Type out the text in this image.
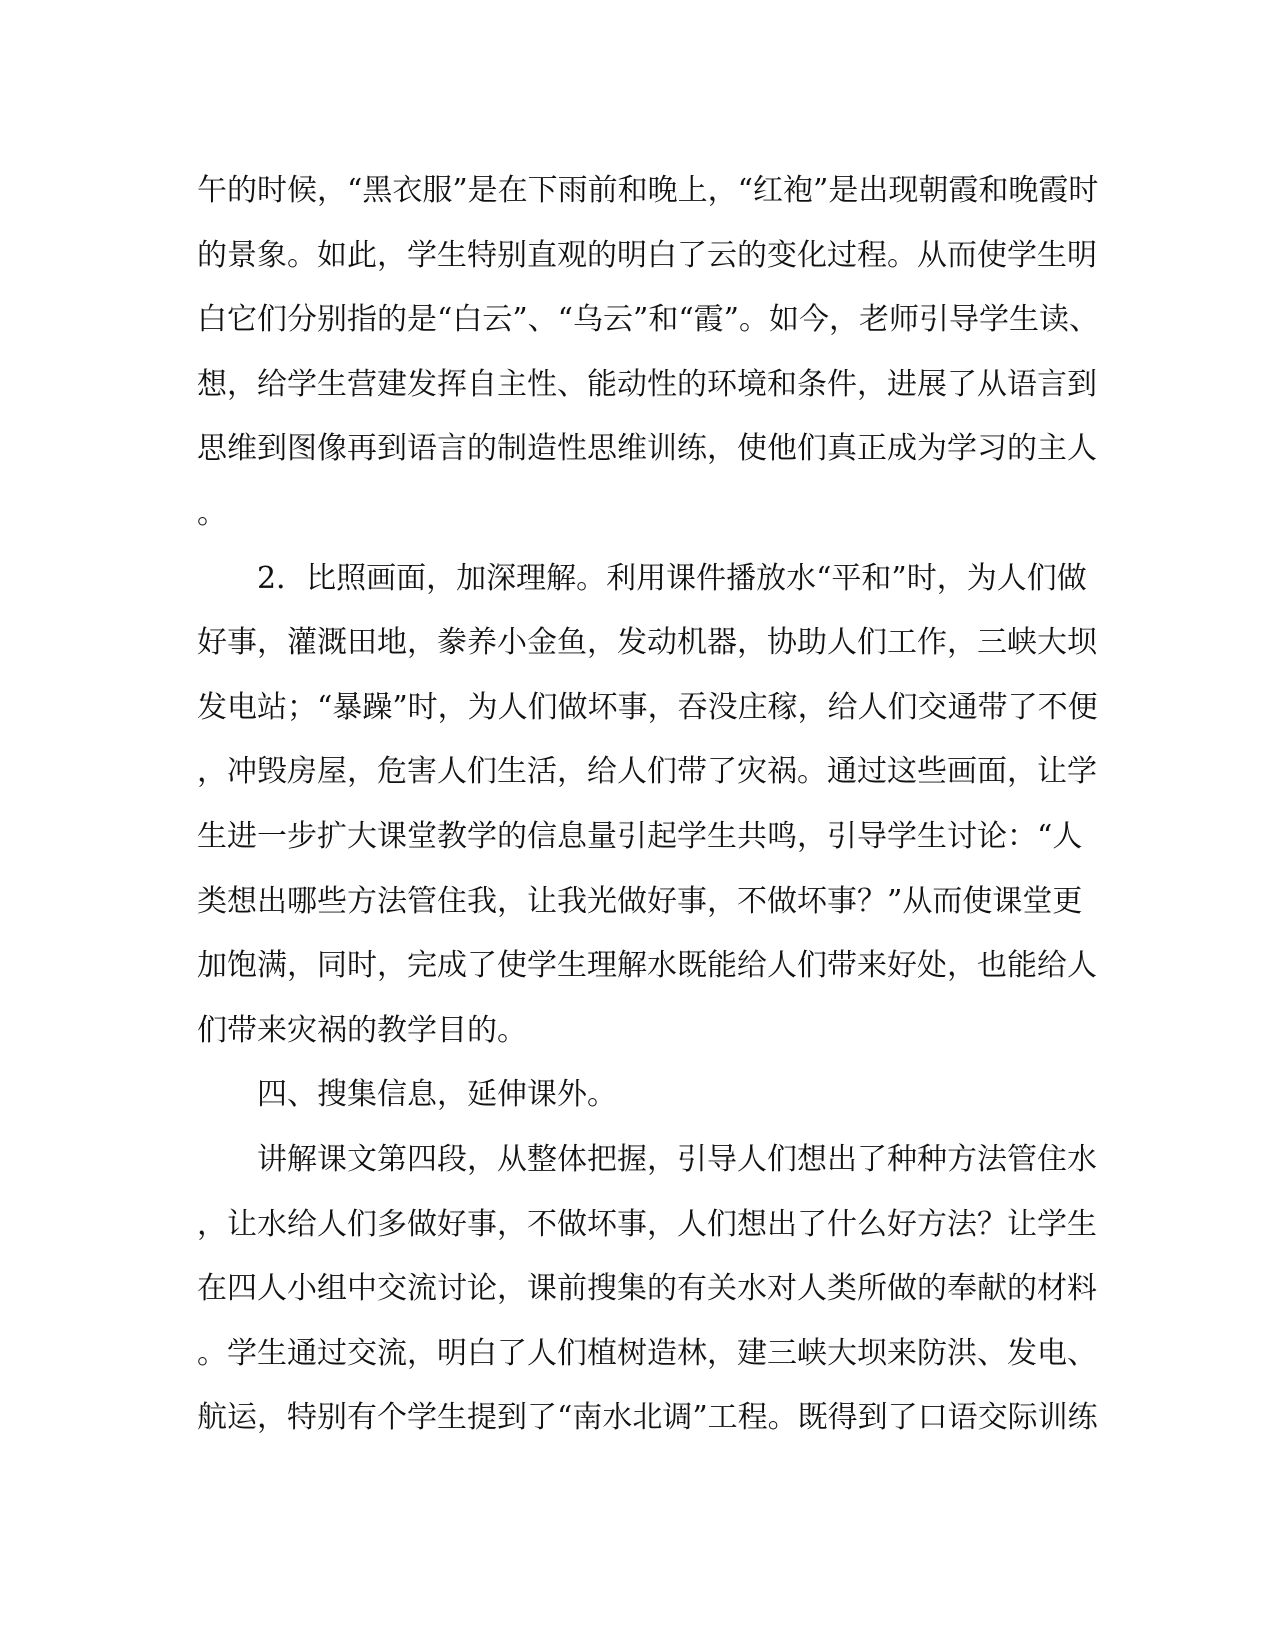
午的时候，“黑衣服”是在下雨前和晚上，“红袍”是出现朝霞和晚霞时
的景象。如此，学生特别直观的明白了云的变化过程。从而使学生明
白它们分别指的是“白云”、“乌云”和“霞”。如今，老师引导学生读、
想，给学生营建发挥自主性、能动性的环境和条件，进展了从语言到
思维到图像再到语言的制造性思维训练，使他们真正成为学习的主人
。
2．比照画面，加深理解。利用课件播放水“平和”时，为人们做
好事，灌溉田地，豢养小金鱼，发动机器，协助人们工作，三峡大坝
发电站；“暴躁”时，为人们做坏事，吞没庄稼，给人们交通带了不便
，冲毁房屋，危害人们生活，给人们带了灾祸。通过这些画面，让学
生进一步扩大课堂教学的信息量引起学生共鸣，引导学生讨论：“人
类想出哪些方法管住我，让我光做好事，不做坏事？”从而使课堂更
加饱满，同时，完成了使学生理解水既能给人们带来好处，也能给人
们带来灾祸的教学目的。
四、搜集信息，延伸课外。
讲解课文第四段，从整体把握，引导人们想出了种种方法管住水
，让水给人们多做好事，不做坏事，人们想出了什么好方法？让学生
在四人小组中交流讨论，课前搜集的有关水对人类所做的奉献的材料
。学生通过交流，明白了人们植树造林，建三峡大坝来防洪、发电、
航运，特别有个学生提到了“南水北调”工程。既得到了口语交际训练
